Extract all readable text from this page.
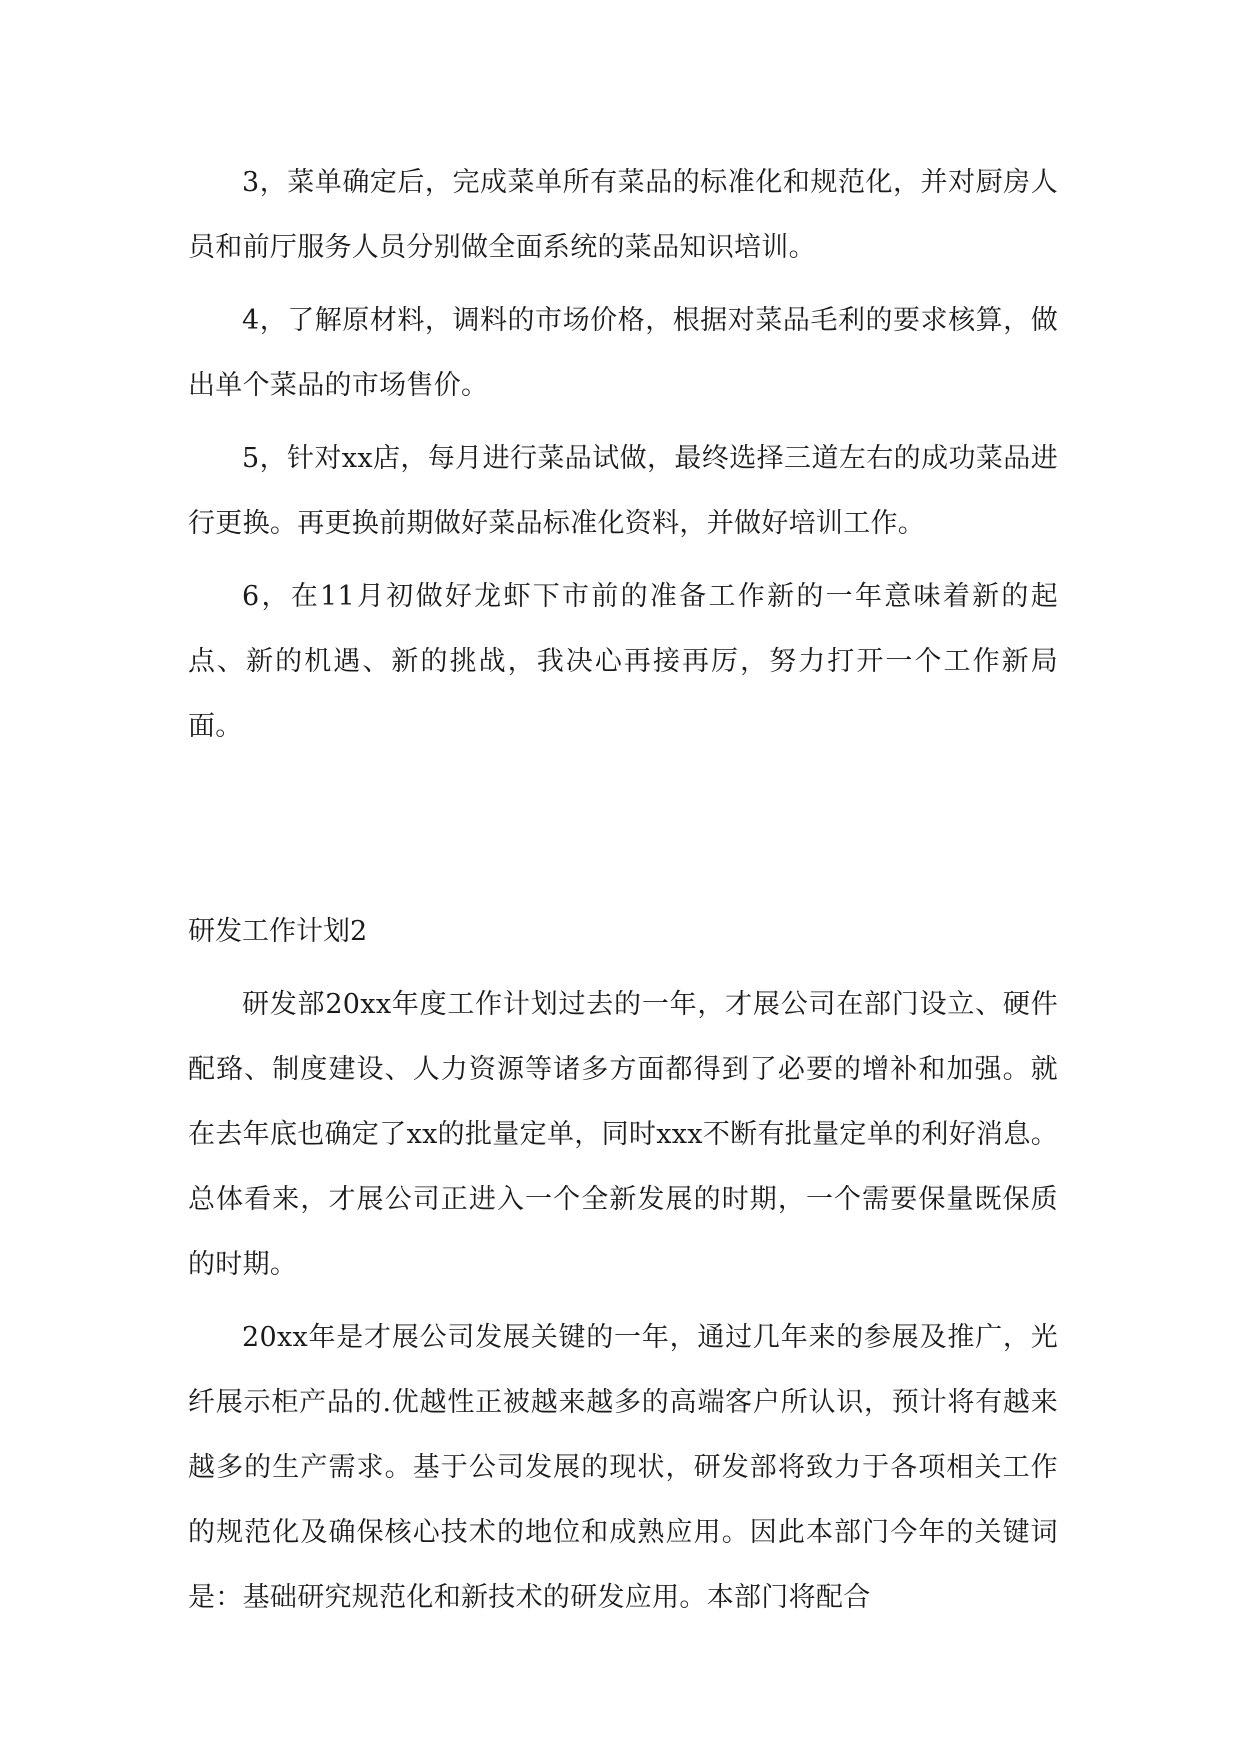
3，菜单确定后，完成菜单所有菜品的标准化和规范化，并对厨房人员和前厅服务人员分别做全面系统的菜品知识培训。

4，了解原材料，调料的市场价格，根据对菜品毛利的要求核算，做出单个菜品的市场售价。

5，针对xx店，每月进行菜品试做，最终选择三道左右的成功菜品进行更换。再更换前期做好菜品标准化资料，并做好培训工作。

6，在11月初做好龙虾下市前的准备工作新的一年意味着新的起点、新的机遇、新的挑战，我决心再接再厉，努力打开一个工作新局面。

研发工作计划2

研发部20xx年度工作计划过去的一年，才展公司在部门设立、硬件配臵、制度建设、人力资源等诸多方面都得到了必要的增补和加强。就在去年底也确定了xx的批量定单，同时xxx不断有批量定单的利好消息。总体看来，才展公司正进入一个全新发展的时期，一个需要保量既保质的时期。

20xx年是才展公司发展关键的一年，通过几年来的参展及推广，光纤展示柜产品的.优越性正被越来越多的高端客户所认识，预计将有越来越多的生产需求。基于公司发展的现状，研发部将致力于各项相关工作的规范化及确保核心技术的地位和成熟应用。因此本部门今年的关键词是：基础研究规范化和新技术的研发应用。本部门将配合
